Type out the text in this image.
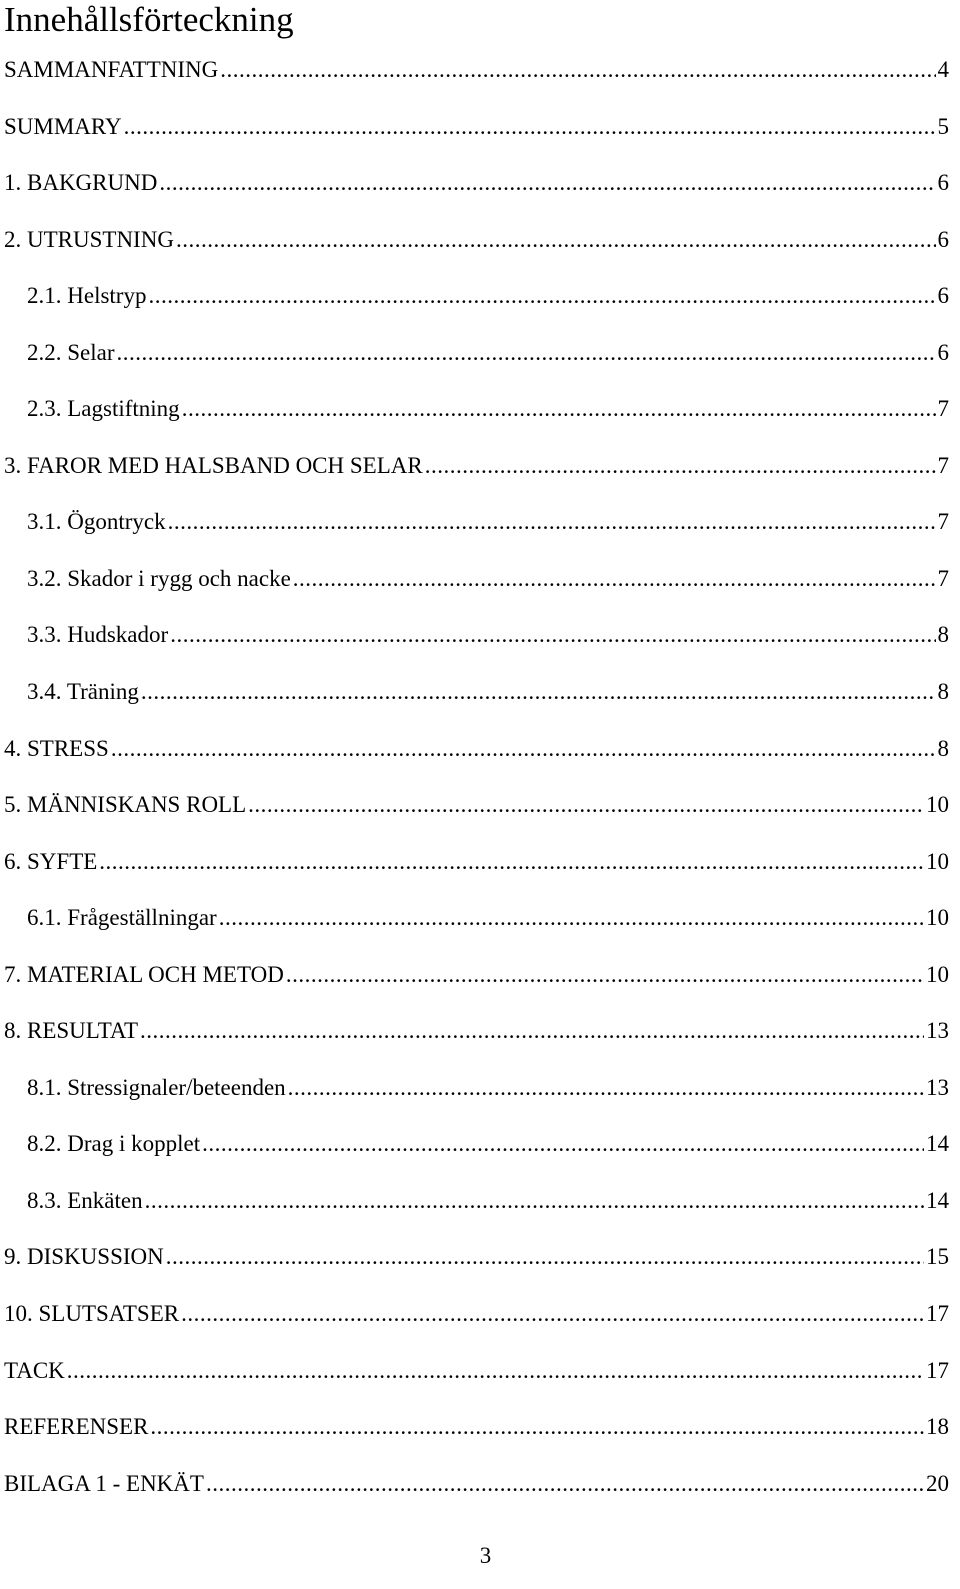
Innehållsförteckning
SAMMANFATTNING .....	4
SUMMARY .....	5
1. BAKGRUND .....	6
2. UTRUSTNING .....	6
2.1. Helstryp .....	6
2.2. Selar .....	6
2.3. Lagstiftning .....	7
3. FAROR MED HALSBAND OCH SELAR .....	7
3.1. Ögontryck .....	7
3.2. Skador i rygg och nacke .....	7
3.3. Hudskador .....	8
3.4. Träning .....	8
4. STRESS .....	8
5. MÄNNISKANS ROLL .....	10
6. SYFTE .....	10
6.1. Frågeställningar .....	10
7. MATERIAL OCH METOD .....	10
8. RESULTAT .....	13
8.1. Stressignaler/beteenden .....	13
8.2. Drag i kopplet .....	14
8.3. Enkäten .....	14
9. DISKUSSION .....	15
10. SLUTSATSER .....	17
TACK .....	17
REFERENSER .....	18
BILAGA 1 - ENKÄT .....	20
3
